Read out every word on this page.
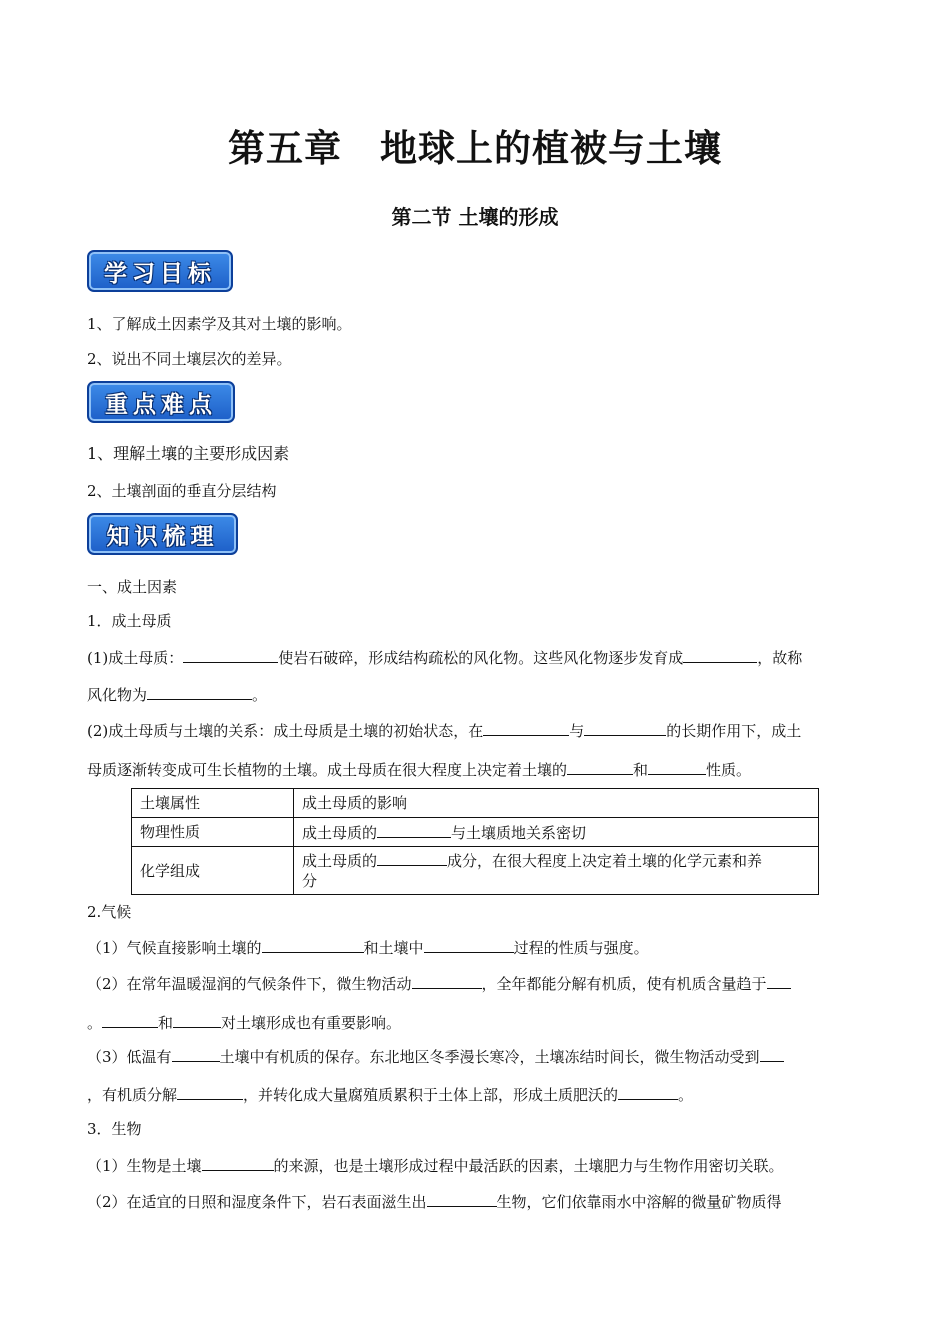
第五章　地球上的植被与土壤
第二节 土壤的形成
学习目标
1、了解成土因素学及其对土壤的影响。
2、说出不同土壤层次的差异。
重点难点
1、理解土壤的主要形成因素
2、土壤剖面的垂直分层结构
知识梳理
一、成土因素
1．成土母质
(1)成土母质：	使岩石破碎，形成结构疏松的风化物。这些风化物逐步发育成	，故称
风化物为	。
(2)成土母质与土壤的关系：成土母质是土壤的初始状态，在	与	的长期作用下，成土
母质逐渐转变成可生长植物的土壤。成土母质在很大程度上决定着土壤的	和	性质。
土壤属性	成土母质的影响
物理性质	成土母质的 与土壤质地关系密切
化学组成	成土母质的 成分，在很大程度上决定着土壤的化学元素和养
分
2.气候
（1）气候直接影响土壤的	和土壤中	过程的性质与强度。
（2）在常年温暖湿润的气候条件下，微生物活动	，全年都能分解有机质，使有机质含量趋于
。	和	对土壤形成也有重要影响。
（3）低温有	土壤中有机质的保存。东北地区冬季漫长寒冷，土壤冻结时间长，微生物活动受到
，有机质分解	，并转化成大量腐殖质累积于土体上部，形成土质肥沃的	。
3．生物
（1）生物是土壤	的来源，也是土壤形成过程中最活跃的因素，土壤肥力与生物作用密切关联。
（2）在适宜的日照和湿度条件下，岩石表面滋生出	生物，它们依靠雨水中溶解的微量矿物质得
